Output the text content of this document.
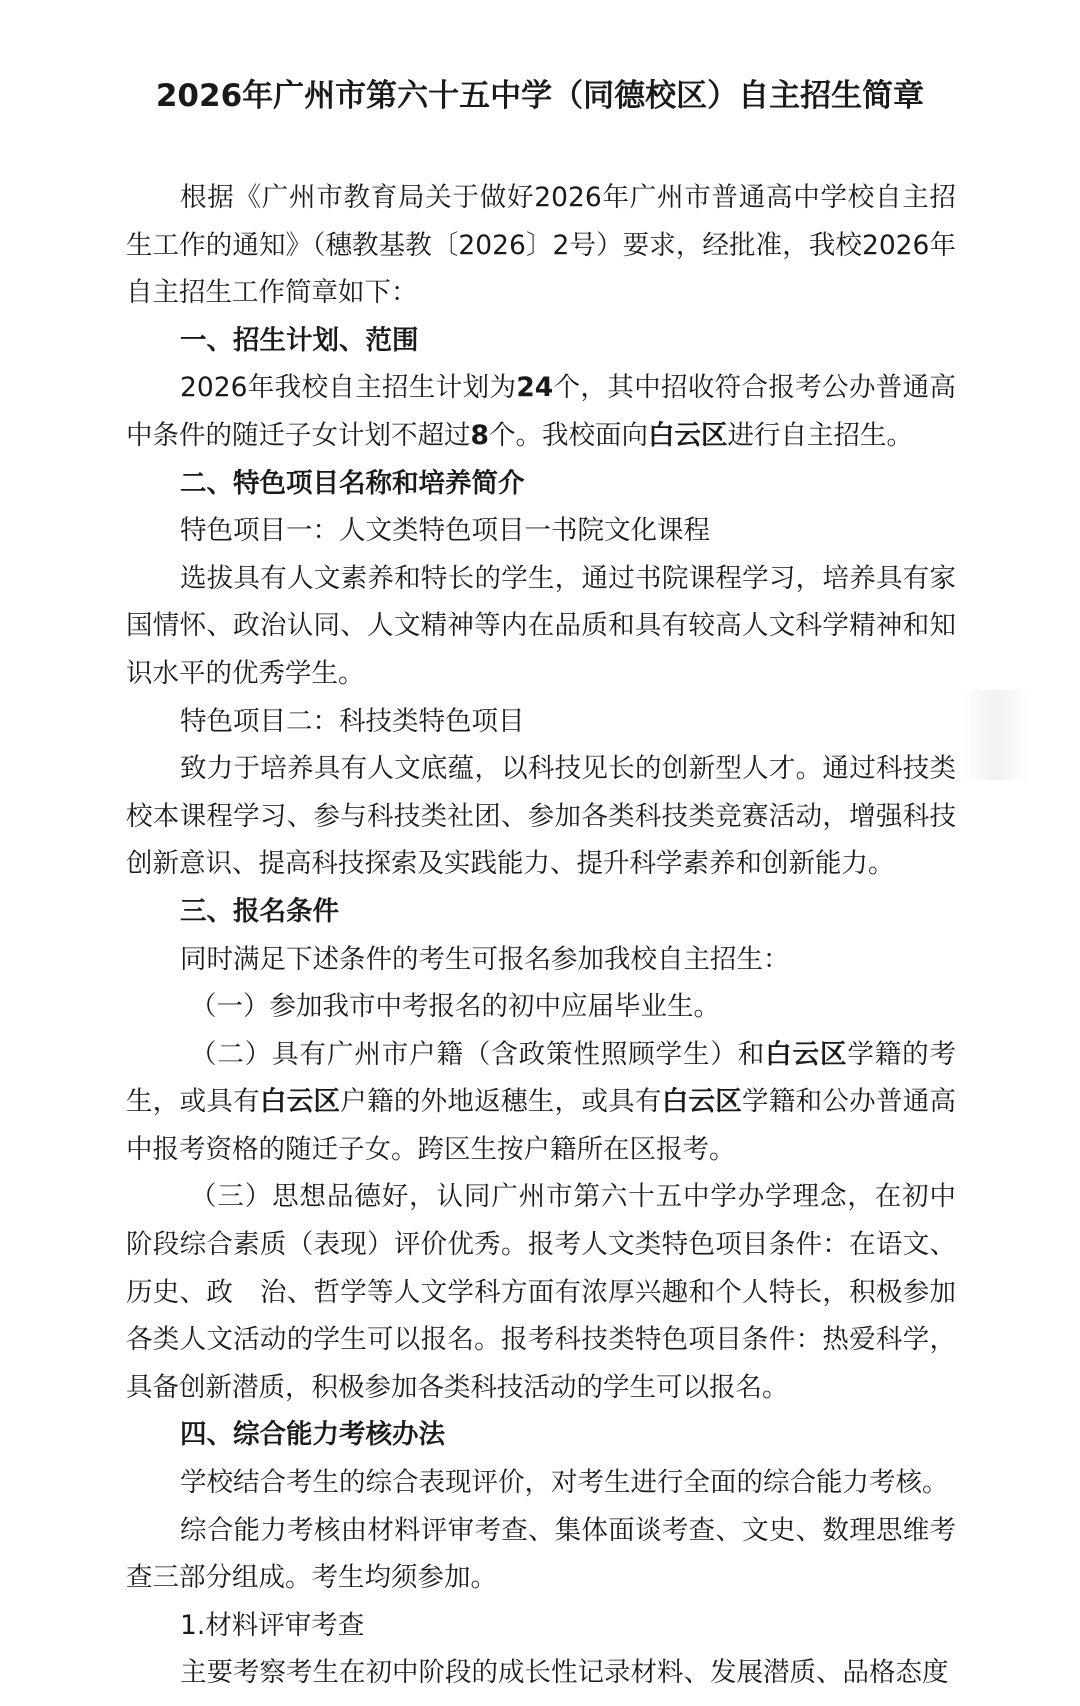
2026年广州市第六十五中学（同德校区）自主招生简章

根据《广州市教育局关于做好2026年广州市普通高中学校自主招生工作的通知》（穗教基教〔2026〕2号）要求，经批准，我校2026年自主招生工作简章如下：

一、招生计划、范围

2026年我校自主招生计划为24个，其中招收符合报考公办普通高中条件的随迁子女计划不超过8个。我校面向白云区进行自主招生。

二、特色项目名称和培养简介

特色项目一：人文类特色项目一书院文化课程

选拔具有人文素养和特长的学生，通过书院课程学习，培养具有家国情怀、政治认同、人文精神等内在品质和具有较高人文科学精神和知识水平的优秀学生。

特色项目二：科技类特色项目

致力于培养具有人文底蕴，以科技见长的创新型人才。通过科技类校本课程学习、参与科技类社团、参加各类科技类竞赛活动，增强科技创新意识、提高科技探索及实践能力、提升科学素养和创新能力。

三、报名条件

同时满足下述条件的考生可报名参加我校自主招生：

（一）参加我市中考报名的初中应届毕业生。

（二）具有广州市户籍（含政策性照顾学生）和白云区学籍的考生，或具有白云区户籍的外地返穗生，或具有白云区学籍和公办普通高中报考资格的随迁子女。跨区生按户籍所在区报考。

（三）思想品德好，认同广州市第六十五中学办学理念，在初中阶段综合素质（表现）评价优秀。报考人文类特色项目条件：在语文、历史、政　治、哲学等人文学科方面有浓厚兴趣和个人特长，积极参加各类人文活动的学生可以报名。报考科技类特色项目条件：热爱科学，具备创新潜质，积极参加各类科技活动的学生可以报名。

四、综合能力考核办法

学校结合考生的综合表现评价，对考生进行全面的综合能力考核。

综合能力考核由材料评审考查、集体面谈考查、文史、数理思维考查三部分组成。考生均须参加。

1.材料评审考查

主要考察考生在初中阶段的成长性记录材料、发展潜质、品格态度
